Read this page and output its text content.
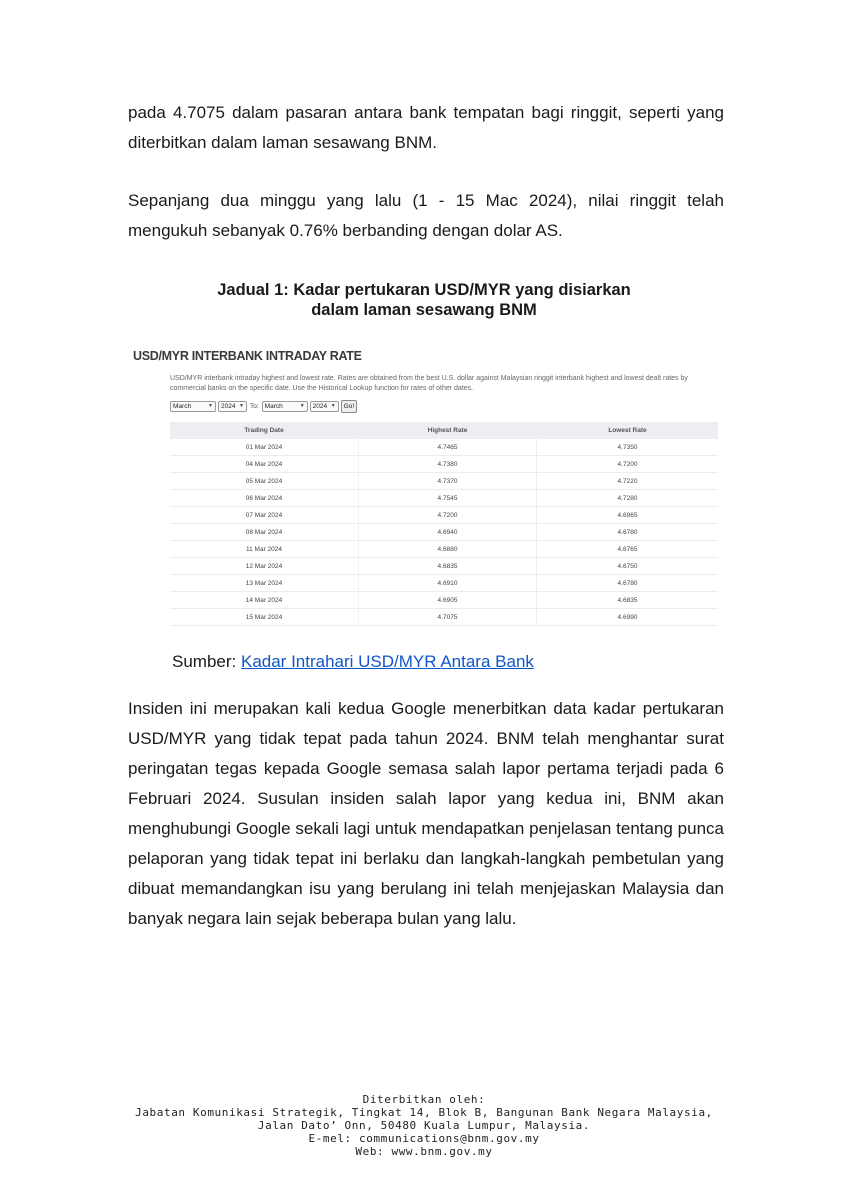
pada 4.7075 dalam pasaran antara bank tempatan bagi ringgit, seperti yang diterbitkan dalam laman sesawang BNM.

Sepanjang dua minggu yang lalu (1 - 15 Mac 2024), nilai ringgit telah mengukuh sebanyak 0.76% berbanding dengan dolar AS.

Jadual 1: Kadar pertukaran USD/MYR yang disiarkan
dalam laman sesawang BNM
USD/MYR INTERBANK INTRADAY RATE
USD/MYR interbank intraday highest and lowest rate. Rates are obtained from the best U.S. dollar against Malaysian ringgit interbank highest and lowest dealt rates by commercial banks on the specific date. Use the Historical Lookup function for rates of other dates.
March	▼ 2024 ▼ To: March	▼ 2024 ▼	Go!
Trading Date	Highest Rate	Lowest Rate
01 Mar 2024	4.7465	4.7350
04 Mar 2024	4.7380	4.7200
05 Mar 2024	4.7370	4.7220
06 Mar 2024	4.7545	4.7280
07 Mar 2024	4.7200	4.6965
08 Mar 2024	4.6940	4.6780
11 Mar 2024	4.6880	4.6765
12 Mar 2024	4.6835	4.6750
13 Mar 2024	4.6910	4.6780
14 Mar 2024	4.6905	4.6835
15 Mar 2024	4.7075	4.6990
Sumber: Kadar Intrahari USD/MYR Antara Bank

Insiden ini merupakan kali kedua Google menerbitkan data kadar pertukaran USD/MYR yang tidak tepat pada tahun 2024. BNM telah menghantar surat peringatan tegas kepada Google semasa salah lapor pertama terjadi pada 6 Februari 2024. Susulan insiden salah lapor yang kedua ini, BNM akan menghubungi Google sekali lagi untuk mendapatkan penjelasan tentang punca pelaporan yang tidak tepat ini berlaku dan langkah-langkah pembetulan yang dibuat memandangkan isu yang berulang ini telah menjejaskan Malaysia dan banyak negara lain sejak beberapa bulan yang lalu.

Diterbitkan oleh:
Jabatan Komunikasi Strategik, Tingkat 14, Blok B, Bangunan Bank Negara Malaysia,
Jalan Dato’ Onn, 50480 Kuala Lumpur, Malaysia.
E-mel: communications@bnm.gov.my
Web: www.bnm.gov.my
